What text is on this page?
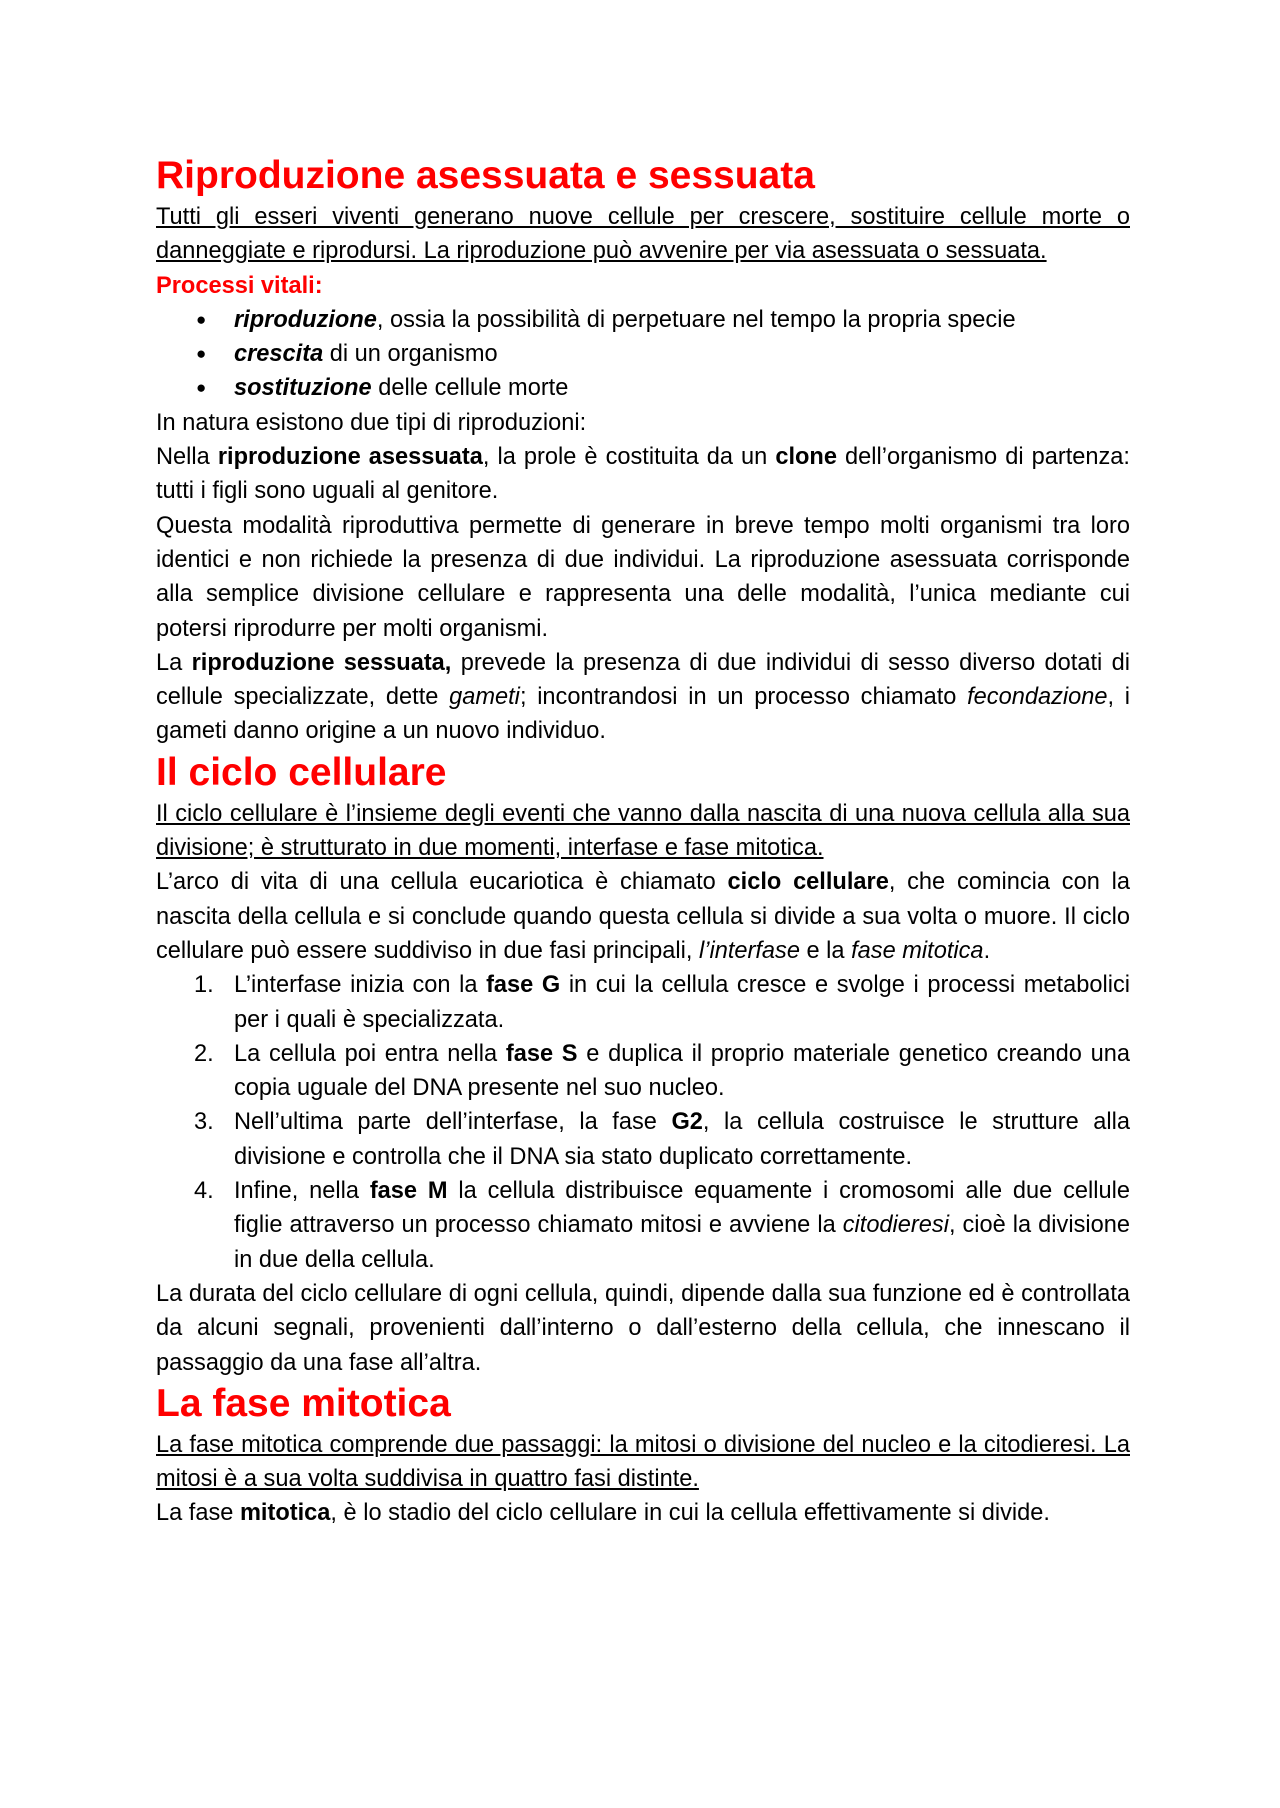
Riproduzione asessuata e sessuata

Tutti gli esseri viventi generano nuove cellule per crescere, sostituire cellule morte o danneggiate e riprodursi. La riproduzione può avvenire per via asessuata o sessuata.

Processi vitali:

● riproduzione, ossia la possibilità di perpetuare nel tempo la propria specie
● crescita di un organismo
● sostituzione delle cellule morte

In natura esistono due tipi di riproduzioni:

Nella riproduzione asessuata, la prole è costituita da un clone dell’organismo di partenza: tutti i figli sono uguali al genitore.

Questa modalità riproduttiva permette di generare in breve tempo molti organismi tra loro identici e non richiede la presenza di due individui. La riproduzione asessuata corrisponde alla semplice divisione cellulare e rappresenta una delle modalità, l’unica mediante cui potersi riprodurre per molti organismi.

La riproduzione sessuata, prevede la presenza di due individui di sesso diverso dotati di cellule specializzate, dette gameti; incontrandosi in un processo chiamato fecondazione, i gameti danno origine a un nuovo individuo.

Il ciclo cellulare

Il ciclo cellulare è l’insieme degli eventi che vanno dalla nascita di una nuova cellula alla sua divisione; è strutturato in due momenti, interfase e fase mitotica.

L’arco di vita di una cellula eucariotica è chiamato ciclo cellulare, che comincia con la nascita della cellula e si conclude quando questa cellula si divide a sua volta o muore. Il ciclo cellulare può essere suddiviso in due fasi principali, l’interfase e la fase mitotica.

1. L’interfase inizia con la fase G in cui la cellula cresce e svolge i processi metabolici per i quali è specializzata.
2. La cellula poi entra nella fase S e duplica il proprio materiale genetico creando una copia uguale del DNA presente nel suo nucleo.
3. Nell’ultima parte dell’interfase, la fase G2, la cellula costruisce le strutture alla divisione e controlla che il DNA sia stato duplicato correttamente.
4. Infine, nella fase M la cellula distribuisce equamente i cromosomi alle due cellule figlie attraverso un processo chiamato mitosi e avviene la citodieresi, cioè la divisione in due della cellula.

La durata del ciclo cellulare di ogni cellula, quindi, dipende dalla sua funzione ed è controllata da alcuni segnali, provenienti dall’interno o dall’esterno della cellula, che innescano il passaggio da una fase all’altra.

La fase mitotica

La fase mitotica comprende due passaggi: la mitosi o divisione del nucleo e la citodieresi. La mitosi è a sua volta suddivisa in quattro fasi distinte.

La fase mitotica, è lo stadio del ciclo cellulare in cui la cellula effettivamente si divide.
